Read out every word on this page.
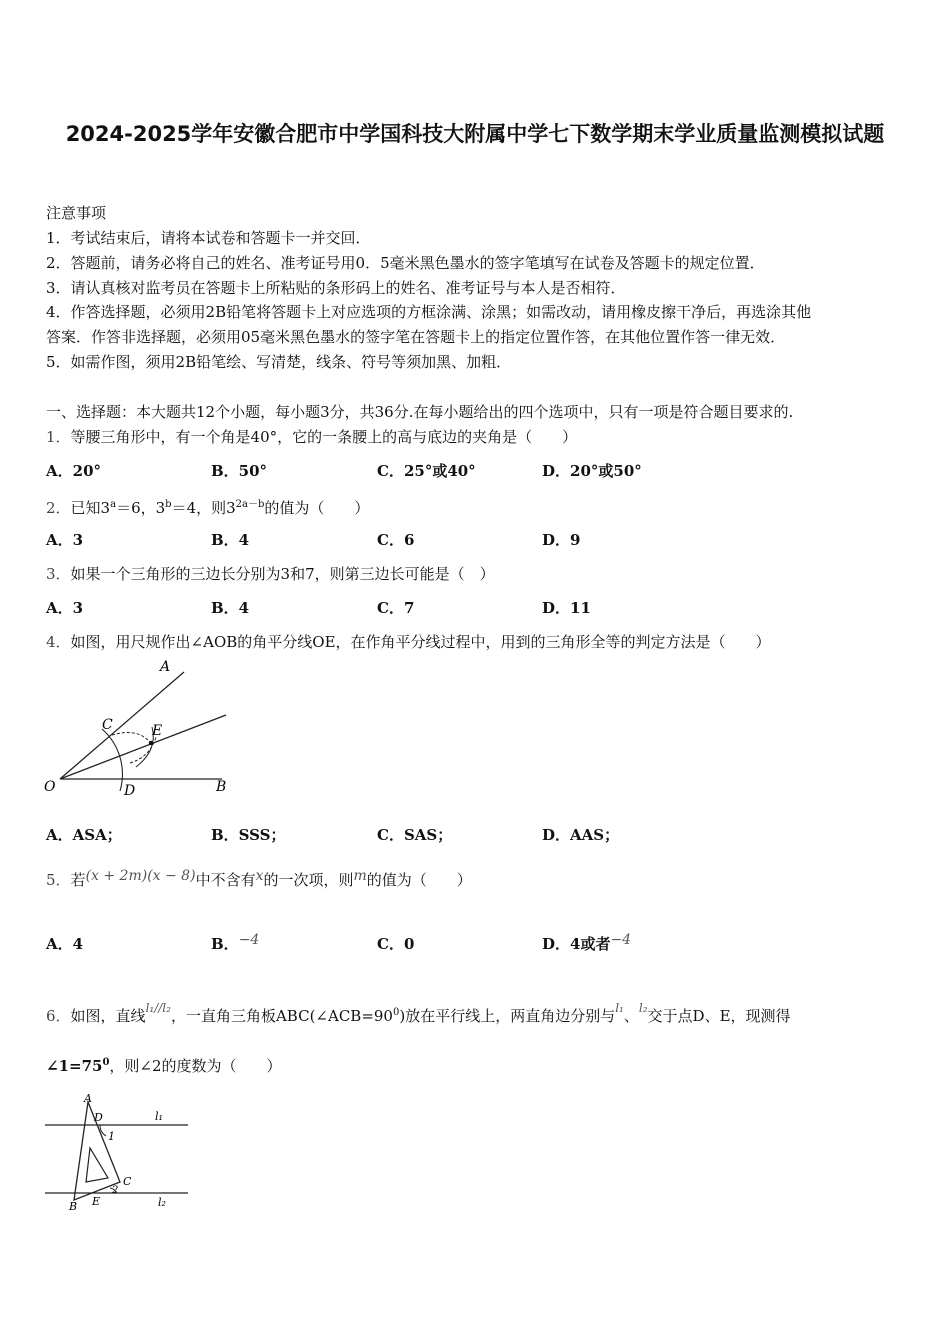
2024-2025学年安徽合肥市中学国科技大附属中学七下数学期末学业质量监测模拟试题
注意事项
1．考试结束后，请将本试卷和答题卡一并交回．
2．答题前，请务必将自己的姓名、准考证号用0．5毫米黑色墨水的签字笔填写在试卷及答题卡的规定位置．
3．请认真核对监考员在答题卡上所粘贴的条形码上的姓名、准考证号与本人是否相符．
4．作答选择题，必须用2B铅笔将答题卡上对应选项的方框涂满、涂黑；如需改动，请用橡皮擦干净后，再选涂其他
答案．作答非选择题，必须用05毫米黑色墨水的签字笔在答题卡上的指定位置作答，在其他位置作答一律无效．
5．如需作图，须用2B铅笔绘、写清楚，线条、符号等须加黑、加粗．
一、选择题：本大题共12个小题，每小题3分，共36分.在每小题给出的四个选项中，只有一项是符合题目要求的.
1．等腰三角形中，有一个角是40°，它的一条腰上的高与底边的夹角是（　　）
A．20°	B．50°	C．25°或40°	D．20°或50°
2．已知$3^a=6$，$3^b=4$，则$3^{2a-b}$的值为（　　）
A．3	B．4	C．6	D．9
3．如果一个三角形的三边长分别为3和7，则第三边长可能是（　）
A．3	B．4	C．7	D．11
4．如图，用尺规作出∠AOB的角平分线OE，在作角平分线过程中，用到的三角形全等的判定方法是（　　）
A
C	E
O	D	B
A．ASA；	B．SSS；	C．SAS；	D．AAS；
5．若(x + 2m)(x − 8)中不含有x的一次项，则m的值为（　　）
A．4	B．−4	C．0	D．4或者−4
6．如图，直线$^{l_1//l_2}$，一直角三角板$ABC(\angle ACB=90^0)$放在平行线上，两直角边分别与$^{l_1}$、$^{l_2}$交于点D、E，现测得
$\angle 1=75^0$，则∠2的度数为（　　）
A
D	l₁
1
C
2
B E	l₂
